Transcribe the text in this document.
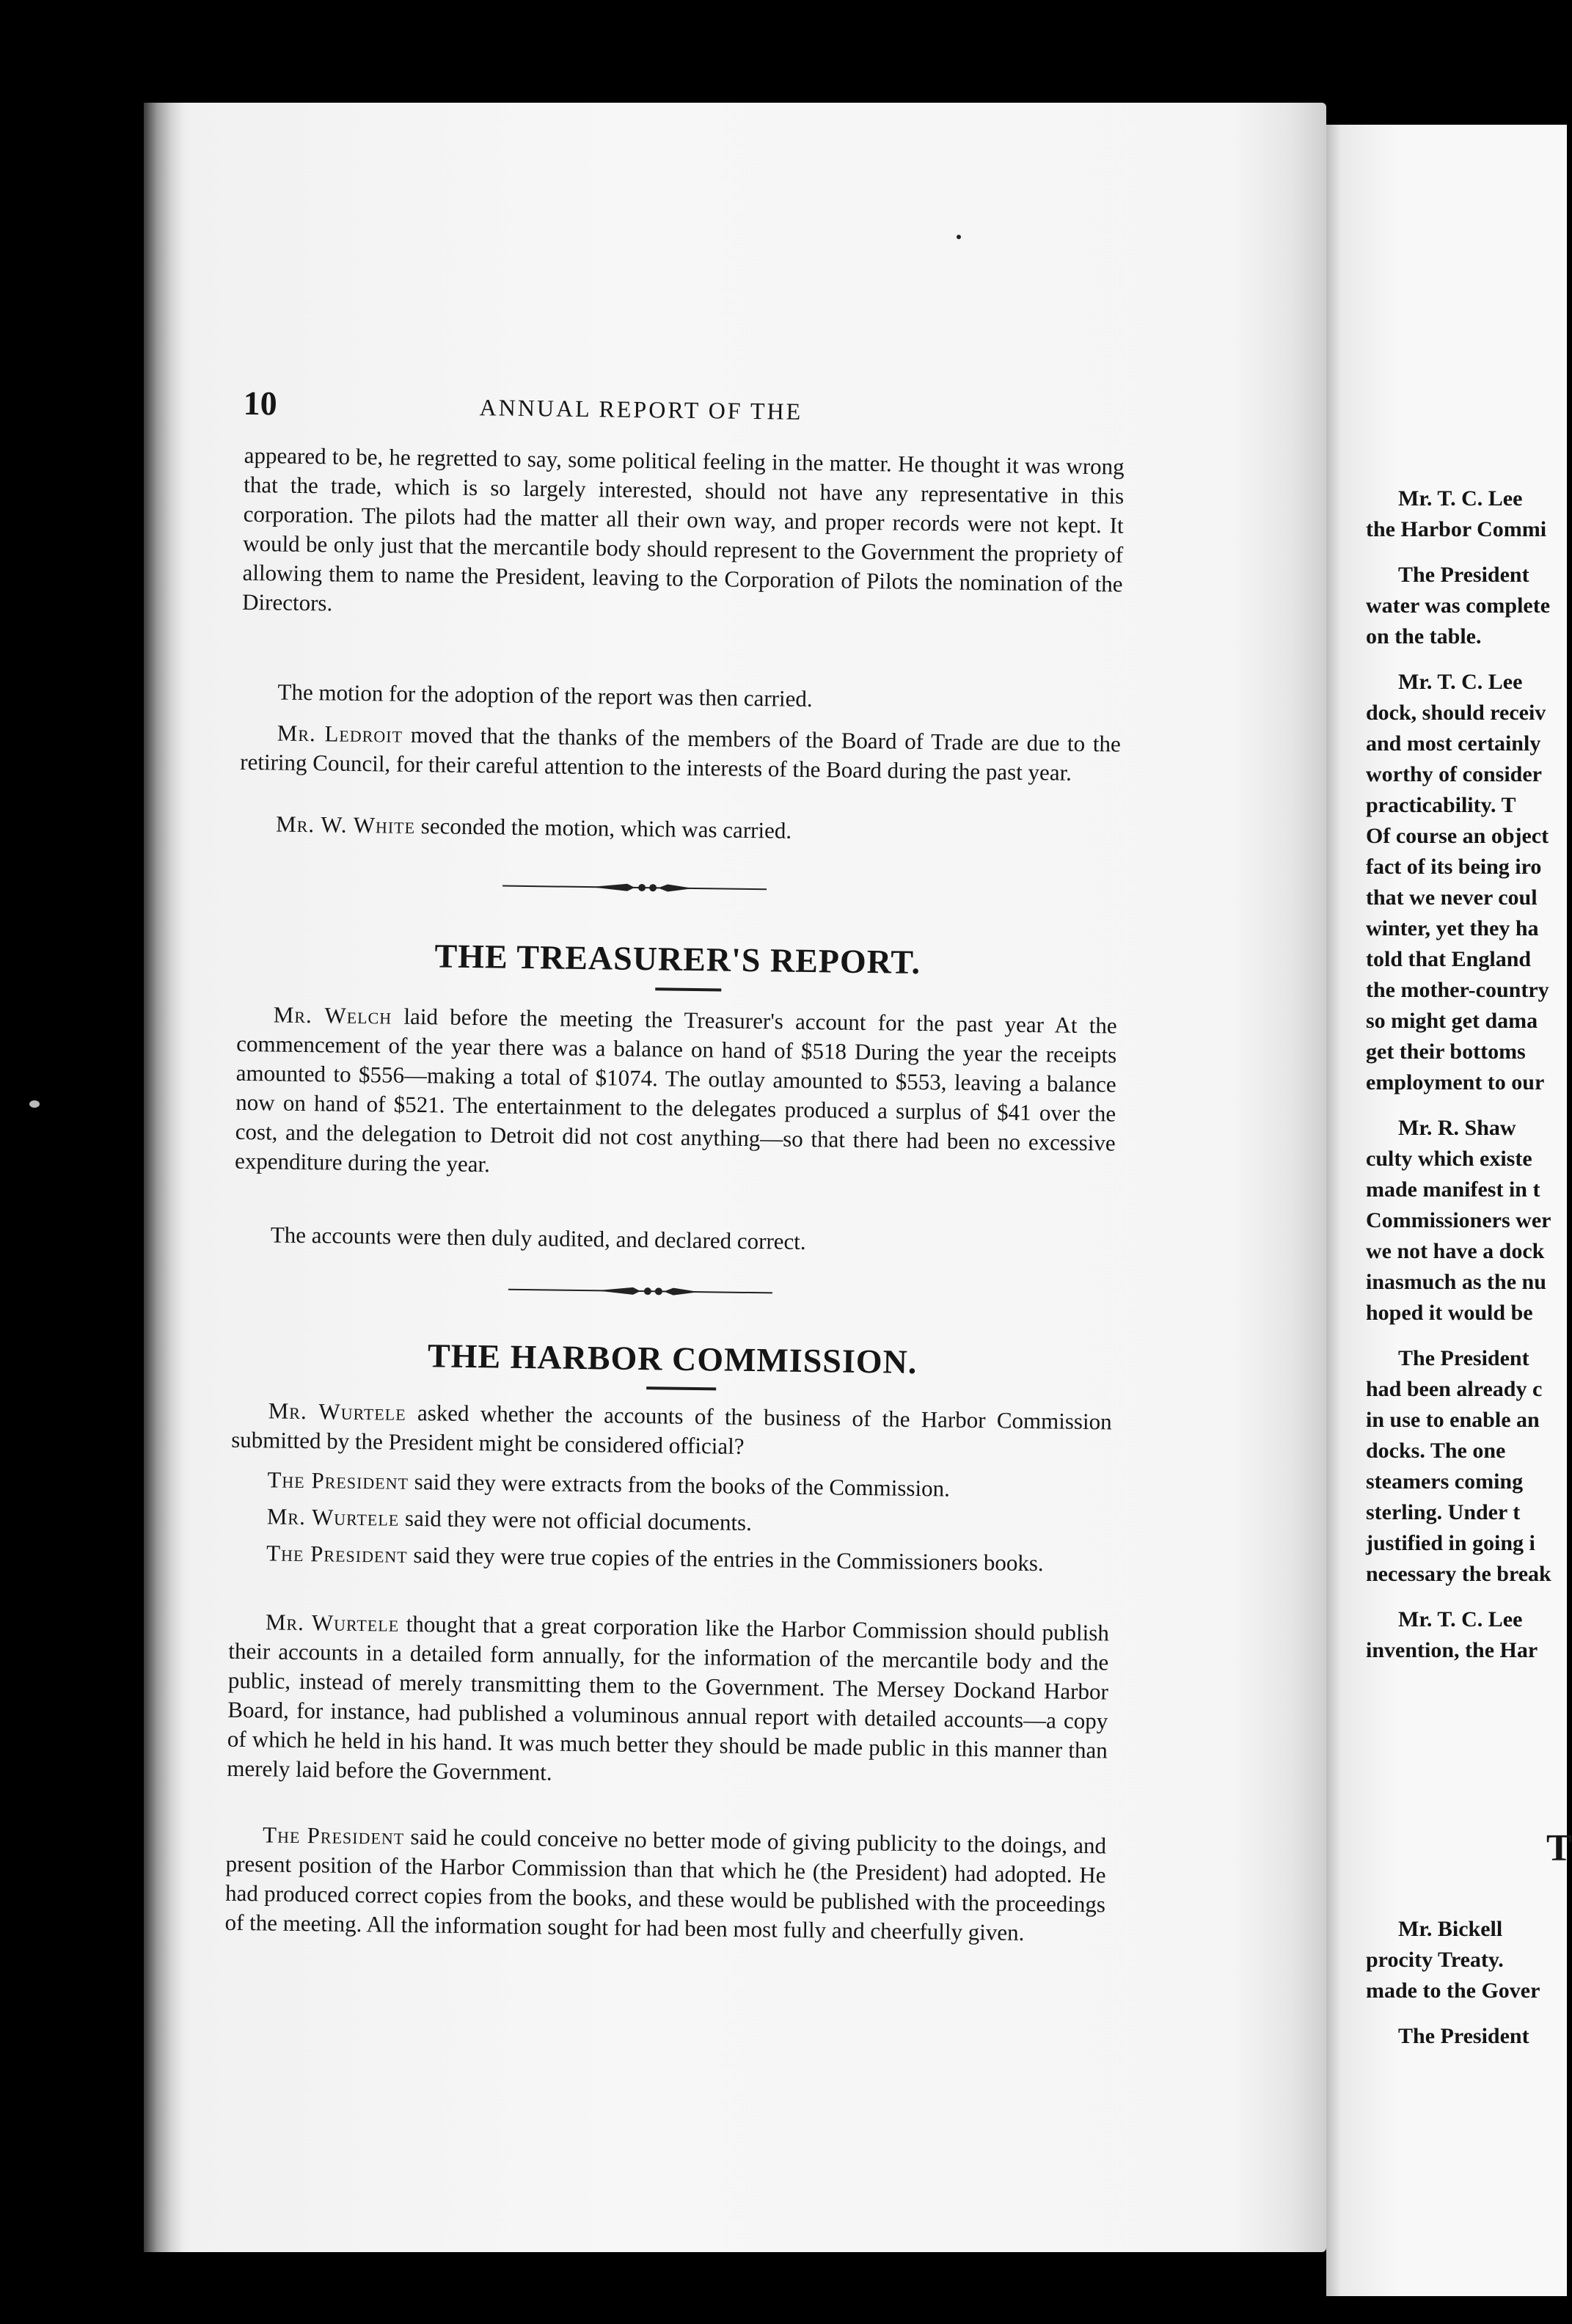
10	ANNUAL REPORT OF THE

appeared to be, he regretted to say, some political feeling in the matter. He thought it was wrong that the trade, which is so largely interested, should not have any representative in this corporation. The pilots had the matter all their own way, and proper records were not kept. It would be only just that the mercantile body should represent to the Government the propriety of allowing them to name the President, leaving to the Corporation of Pilots the nomination of the Directors.

The motion for the adoption of the report was then carried.

Mr. Ledroit moved that the thanks of the members of the Board of Trade are due to the retiring Council, for their careful attention to the interests of the Board during the past year.

Mr. W. White seconded the motion, which was carried.

THE TREASURER'S REPORT.

Mr. Welch laid before the meeting the Treasurer's account for the past year At the commencement of the year there was a balance on hand of $518 During the year the receipts amounted to $556—making a total of $1074. The outlay amounted to $553, leaving a balance now on hand of $521. The entertainment to the delegates produced a surplus of $41 over the cost, and the delegation to Detroit did not cost anything—so that there had been no excessive expenditure during the year.

The accounts were then duly audited, and declared correct.

THE HARBOR COMMISSION.

Mr. Wurtele asked whether the accounts of the business of the Harbor Commission submitted by the President might be considered official?

The President said they were extracts from the books of the Commission.

Mr. Wurtele said they were not official documents.

The President said they were true copies of the entries in the Commissioners books.

Mr. Wurtele thought that a great corporation like the Harbor Commission should publish their accounts in a detailed form annually, for the information of the mercantile body and the public, instead of merely transmitting them to the Government. The Mersey Dockand Harbor Board, for instance, had published a voluminous annual report with detailed accounts—a copy of which he held in his hand. It was much better they should be made public in this manner than merely laid before the Government.

The President said he could conceive no better mode of giving publicity to the doings, and present position of the Harbor Commission than that which he (the President) had adopted. He had produced correct copies from the books, and these would be published with the proceedings of the meeting. All the information sought for had been most fully and cheerfully given.

Mr. T. C. Lee
the Harbor Commi
The President
water was complete
on the table.
Mr. T. C. Lee
dock, should receiv
and most certainly
worthy of consider
practicability. T
Of course an object
fact of its being iro
that we never coul
winter, yet they ha
told that England
the mother-country
so might get dama
get their bottoms
employment to our
Mr. R. Shaw
culty which existe
made manifest in t
Commissioners wer
we not have a dock
inasmuch as the nu
hoped it would be
The President
had been already c
in use to enable an
docks. The one
steamers coming
sterling. Under t
justified in going i
necessary the break
Mr. T. C. Lee
invention, the Har
T
Mr. Bickell
procity Treaty.
made to the Gover
The President
